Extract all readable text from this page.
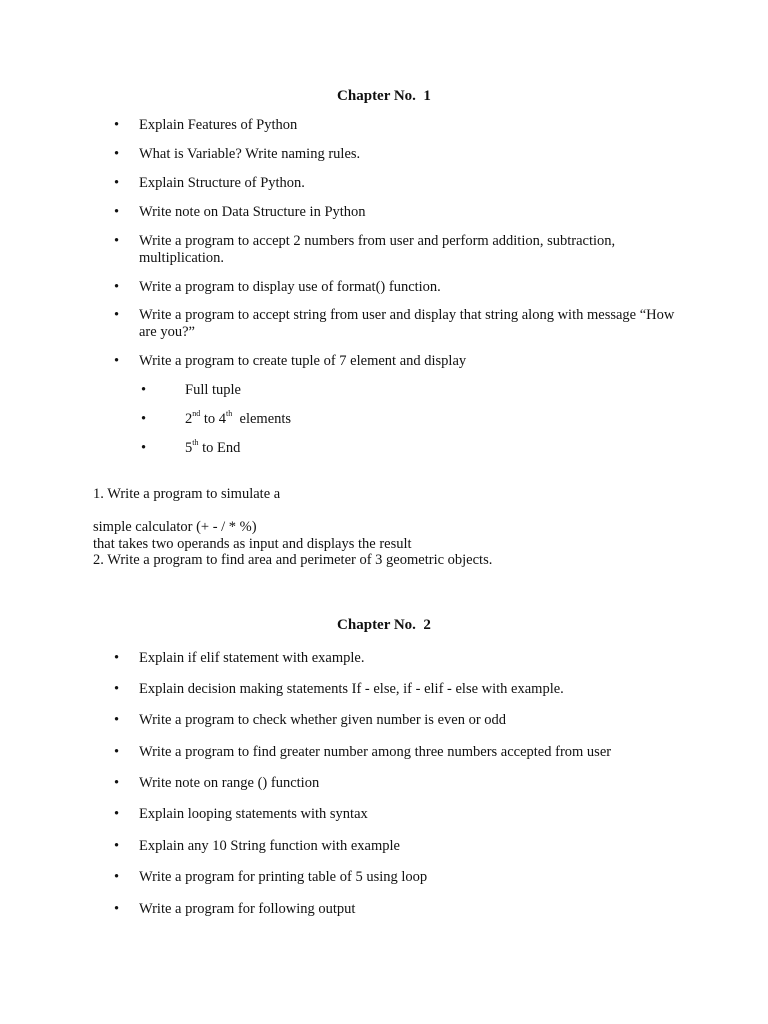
Chapter No.  1
•	Explain Features of Python
•	What is Variable? Write naming rules.
•	Explain Structure of Python.
•	Write note on Data Structure in Python
•	Write a program to accept 2 numbers from user and perform addition, subtraction, multiplication.
•	Write a program to display use of format() function.
•	Write a program to accept string from user and display that string along with message “How are you?”
•	Write a program to create tuple of 7 element and display
•	Full tuple
•	2nd to 4th  elements
•	5th to End
1. Write a program to simulate a
simple calculator (+ - / * %)
that takes two operands as input and displays the result
2. Write a program to find area and perimeter of 3 geometric objects.
Chapter No.  2
•	Explain if elif statement with example.
•	Explain decision making statements If - else, if - elif - else with example.
•	Write a program to check whether given number is even or odd
•	Write a program to find greater number among three numbers accepted from user
•	Write note on range () function
•	Explain looping statements with syntax
•	Explain any 10 String function with example
•	Write a program for printing table of 5 using loop
•	Write a program for following output
